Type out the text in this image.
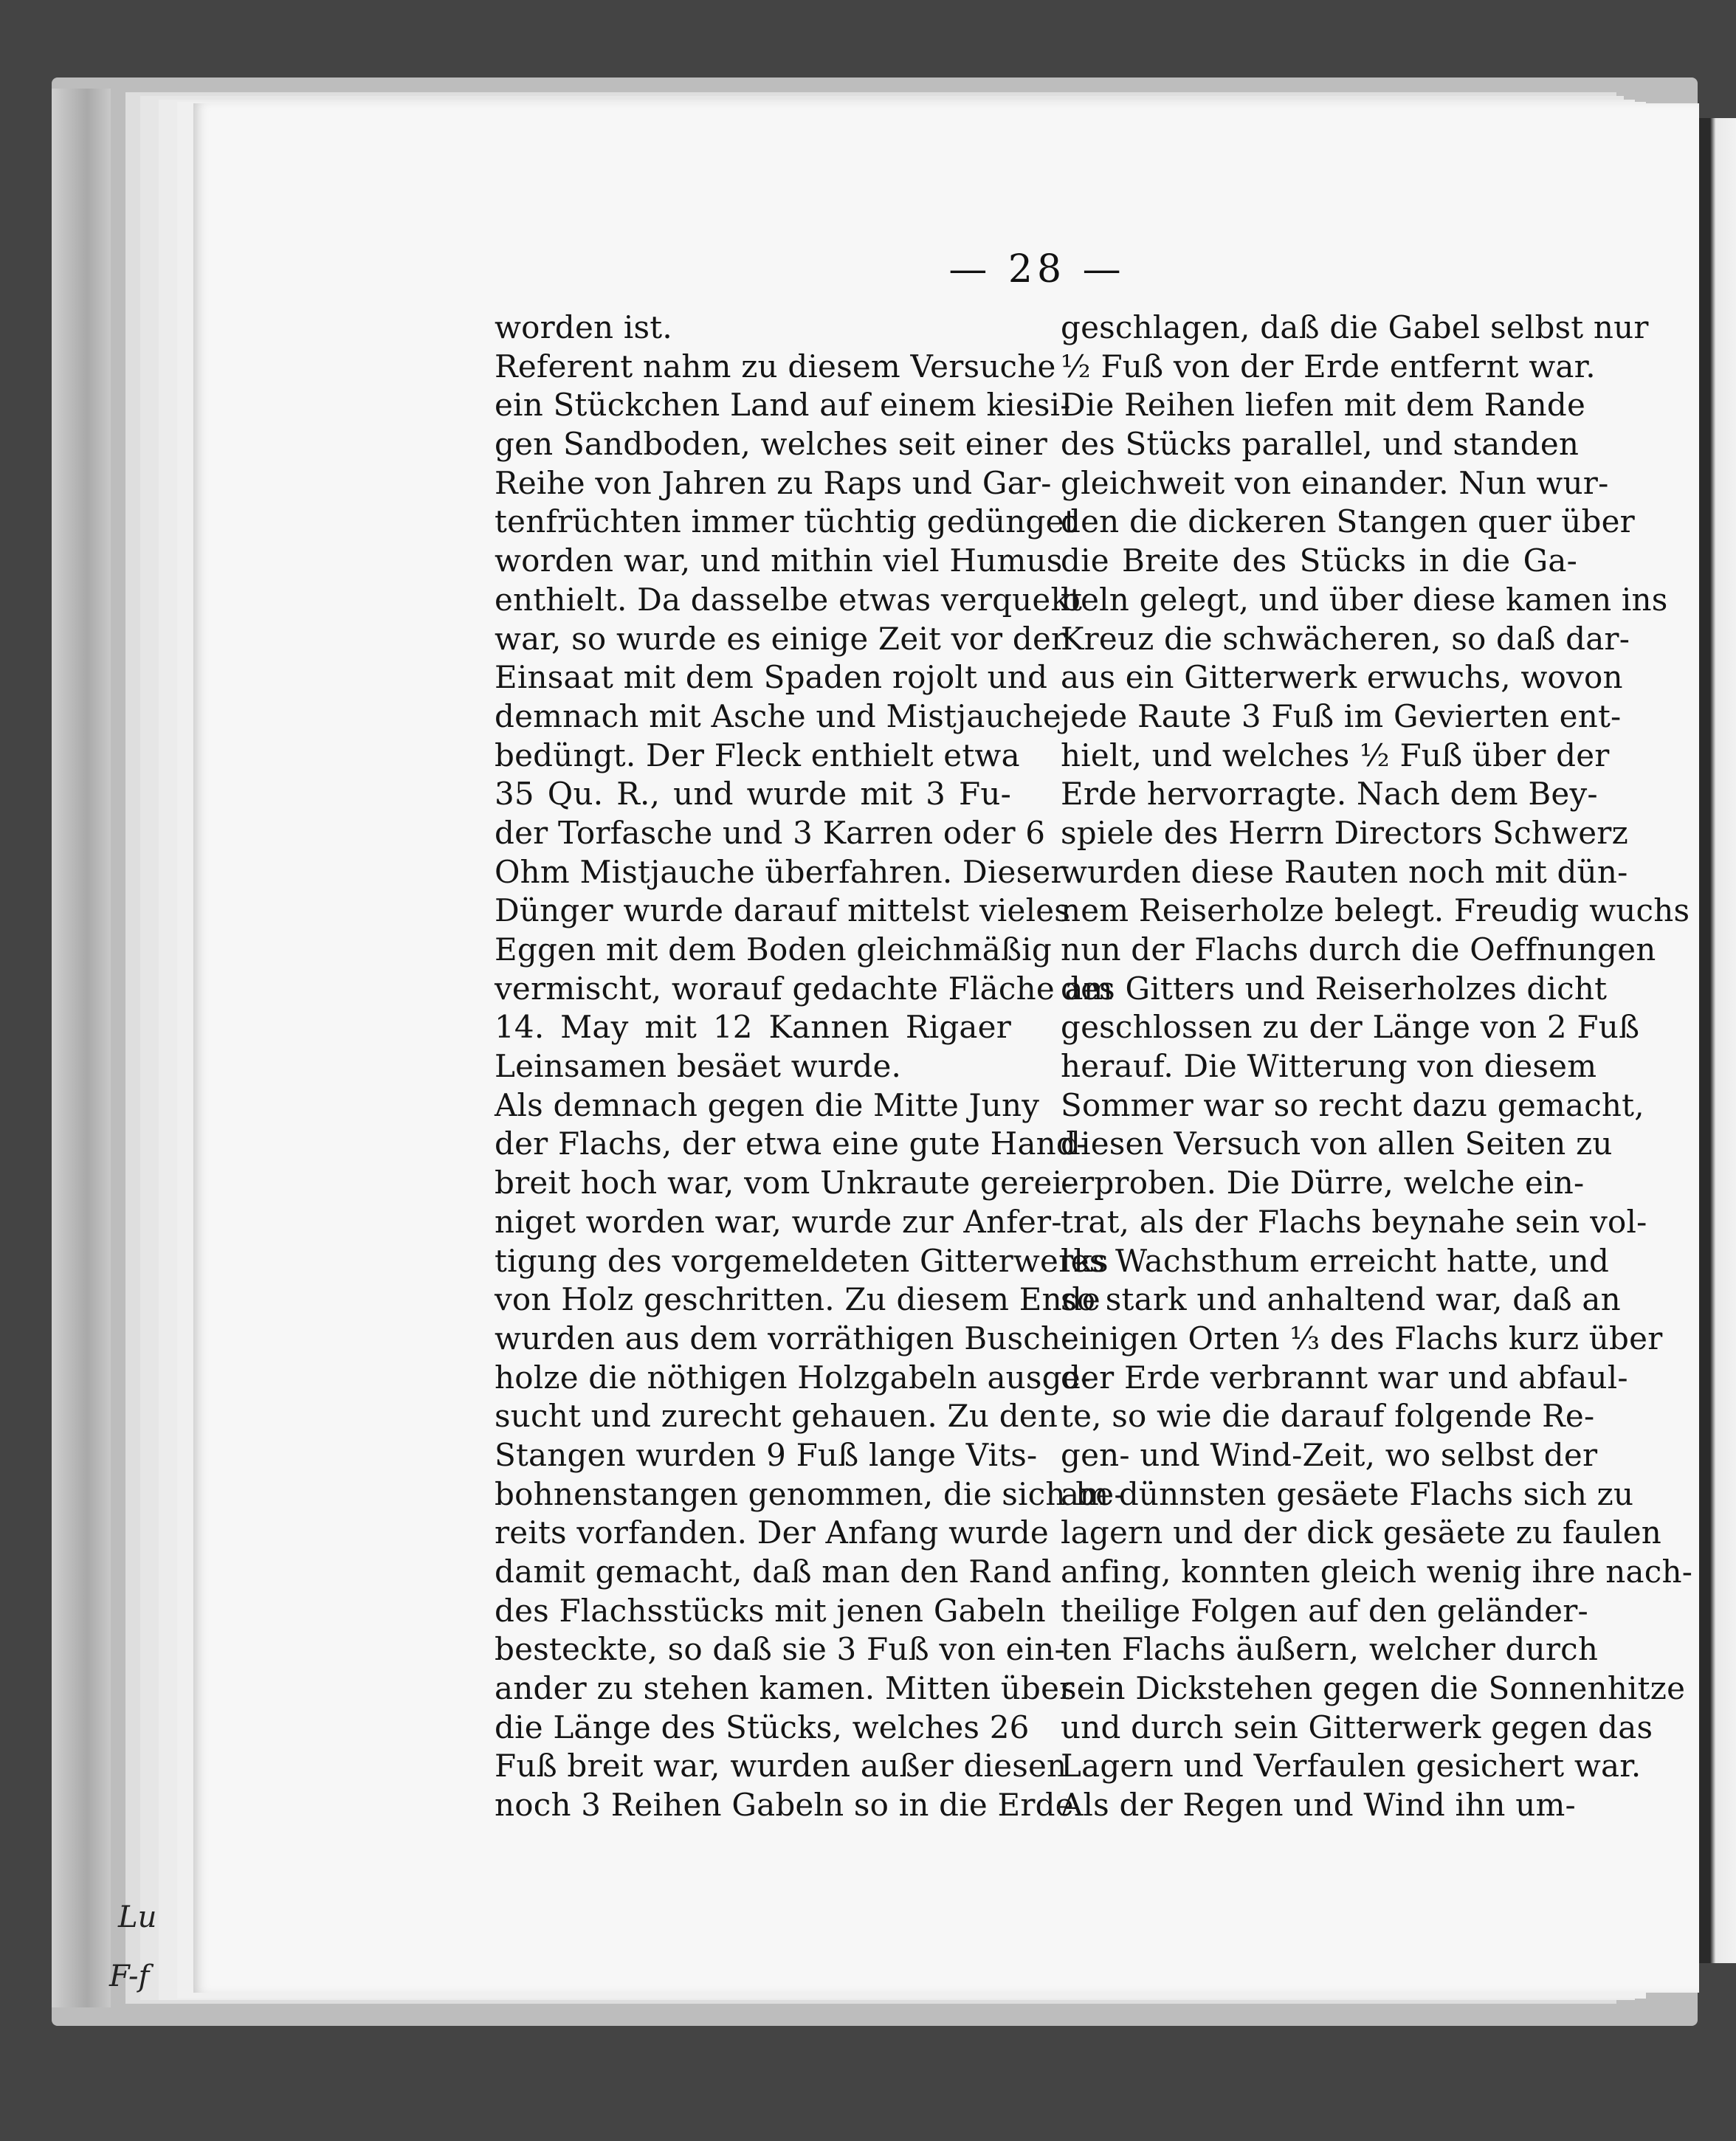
— 28 —
worden ist.
Referent nahm zu diesem Versuche
ein Stückchen Land auf einem kiesi-
gen Sandboden, welches seit einer
Reihe von Jahren zu Raps und Gar-
tenfrüchten immer tüchtig gedünget
worden war, und mithin viel Humus
enthielt. Da dasselbe etwas verquekt
war, so wurde es einige Zeit vor der
Einsaat mit dem Spaden rojolt und
demnach mit Asche und Mistjauche
bedüngt. Der Fleck enthielt etwa
35 Qu. R., und wurde mit 3 Fu-
der Torfasche und 3 Karren oder 6
Ohm Mistjauche überfahren. Dieser
Dünger wurde darauf mittelst vieles
Eggen mit dem Boden gleichmäßig
vermischt, worauf gedachte Fläche am
14. May mit 12 Kannen Rigaer
Leinsamen besäet wurde.
Als demnach gegen die Mitte Juny
der Flachs, der etwa eine gute Hand-
breit hoch war, vom Unkraute gerei-
niget worden war, wurde zur Anfer-
tigung des vorgemeldeten Gitterwerks
von Holz geschritten. Zu diesem Ende
wurden aus dem vorräthigen Busch-
holze die nöthigen Holzgabeln ausge-
sucht und zurecht gehauen. Zu den
Stangen wurden 9 Fuß lange Vits-
bohnenstangen genommen, die sich be-
reits vorfanden. Der Anfang wurde
damit gemacht, daß man den Rand
des Flachsstücks mit jenen Gabeln
besteckte, so daß sie 3 Fuß von ein-
ander zu stehen kamen. Mitten über
die Länge des Stücks, welches 26
Fuß breit war, wurden außer diesen
noch 3 Reihen Gabeln so in die Erde
geschlagen, daß die Gabel selbst nur
½ Fuß von der Erde entfernt war.
Die Reihen liefen mit dem Rande
des Stücks parallel, und standen
gleichweit von einander. Nun wur-
den die dickeren Stangen quer über
die Breite des Stücks in die Ga-
beln gelegt, und über diese kamen ins
Kreuz die schwächeren, so daß dar-
aus ein Gitterwerk erwuchs, wovon
jede Raute 3 Fuß im Gevierten ent-
hielt, und welches ½ Fuß über der
Erde hervorragte. Nach dem Bey-
spiele des Herrn Directors Schwerz
wurden diese Rauten noch mit dün-
nem Reiserholze belegt. Freudig wuchs
nun der Flachs durch die Oeffnungen
des Gitters und Reiserholzes dicht
geschlossen zu der Länge von 2 Fuß
herauf. Die Witterung von diesem
Sommer war so recht dazu gemacht,
diesen Versuch von allen Seiten zu
erproben. Die Dürre, welche ein-
trat, als der Flachs beynahe sein vol-
les Wachsthum erreicht hatte, und
so stark und anhaltend war, daß an
einigen Orten ⅓ des Flachs kurz über
der Erde verbrannt war und abfaul-
te, so wie die darauf folgende Re-
gen- und Wind-Zeit, wo selbst der
am dünnsten gesäete Flachs sich zu
lagern und der dick gesäete zu faulen
anfing, konnten gleich wenig ihre nach-
theilige Folgen auf den geländer-
ten Flachs äußern, welcher durch
sein Dickstehen gegen die Sonnenhitze
und durch sein Gitterwerk gegen das
Lagern und Verfaulen gesichert war.
Als der Regen und Wind ihn um-
Lu
F-f
